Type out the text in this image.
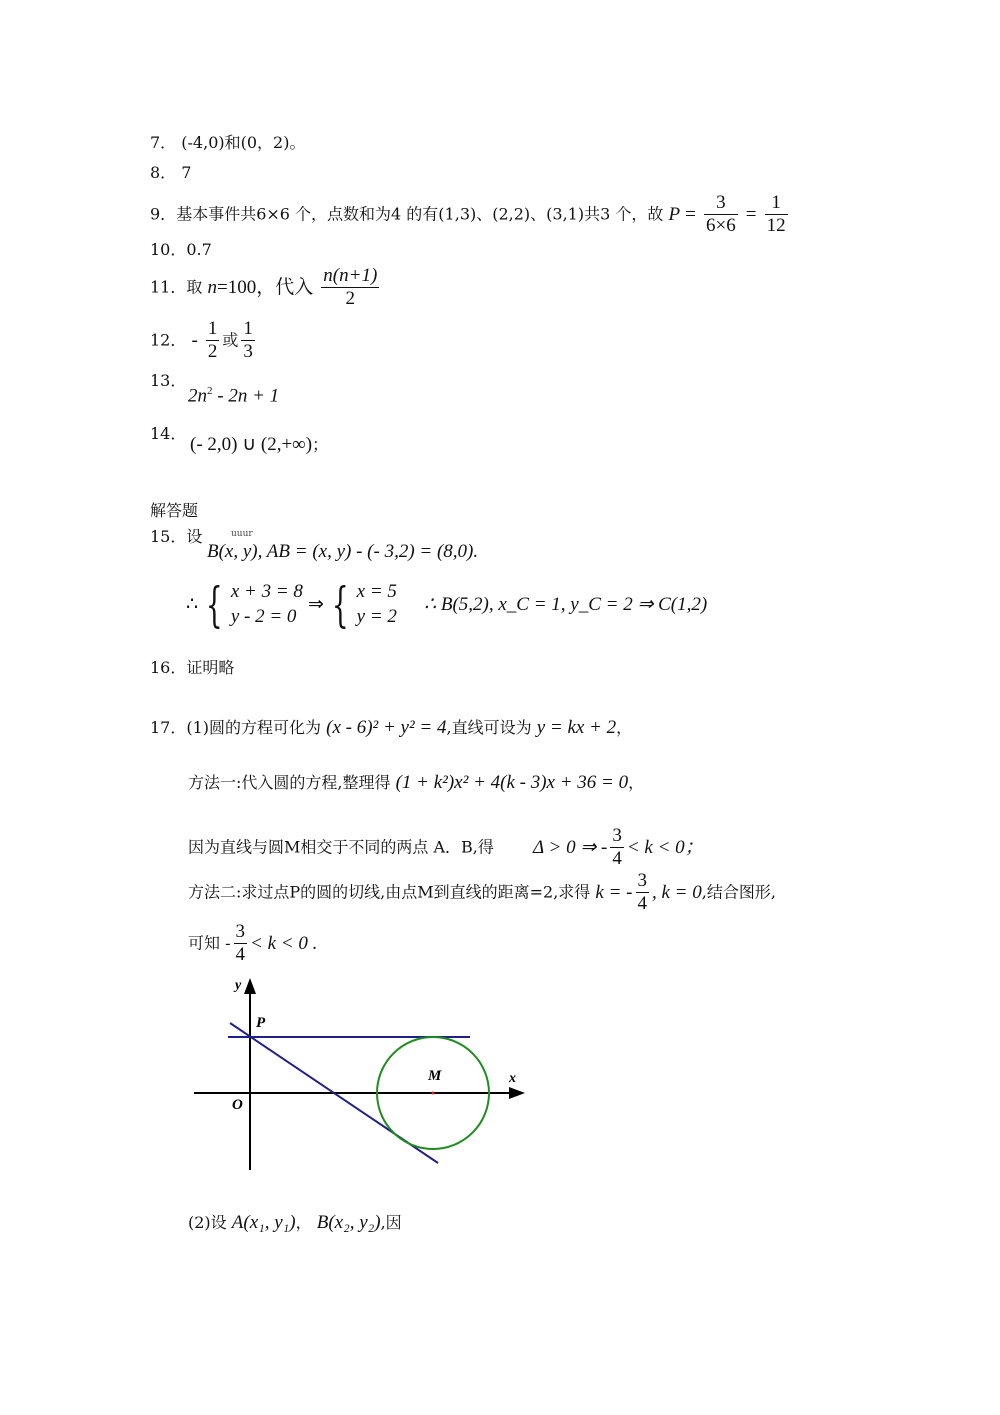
7． (-4,0)和(0，2)。
8． 7
9．基本事件共6×6 个，点数和为4 的有(1,3)、(2,2)、(3,1)共3 个，故 $P = \frac{3}{6\times 6} = \frac{1}{12}$
10．0.7
11．取 n=100，代入 $\frac{n(n+1)}{2}$
12． - $\frac{1}{2}$ 或 $\frac{1}{3}$
13．
$2n^2 - 2n + 1$
14．
(- 2,0) ∪ (2,+∞)；
解答题
15．设	uuur
B(x, y), AB = (x, y) - (- 3,2) = (8,0).
∴ { x + 3 = 8
y - 2 = 0
⇒ { x = 5
y = 2
∴ B(5,2), x_C = 1, y_C = 2 ⇒ C(1,2)
16．证明略
17．(1)圆的方程可化为 (x - 6)² + y² = 4,直线可设为 y = kx + 2，
方法一:代入圆的方程,整理得 (1 + k²)x² + 4(k - 3)x + 36 = 0，
因为直线与圆M相交于不同的两点 A．B,得 Δ > 0 ⇒ - $\frac{3}{4} < k < 0$；
方法二:求过点P的圆的切线,由点M到直线的距离=2,求得 k = - $\frac{3}{4}$ , k = 0,结合图形,
可知 - $\frac{3}{4} < k < 0$ .
y
x
P
O
M
(2)设 A(x₁, y₁)， B(x₂, y₂),因
